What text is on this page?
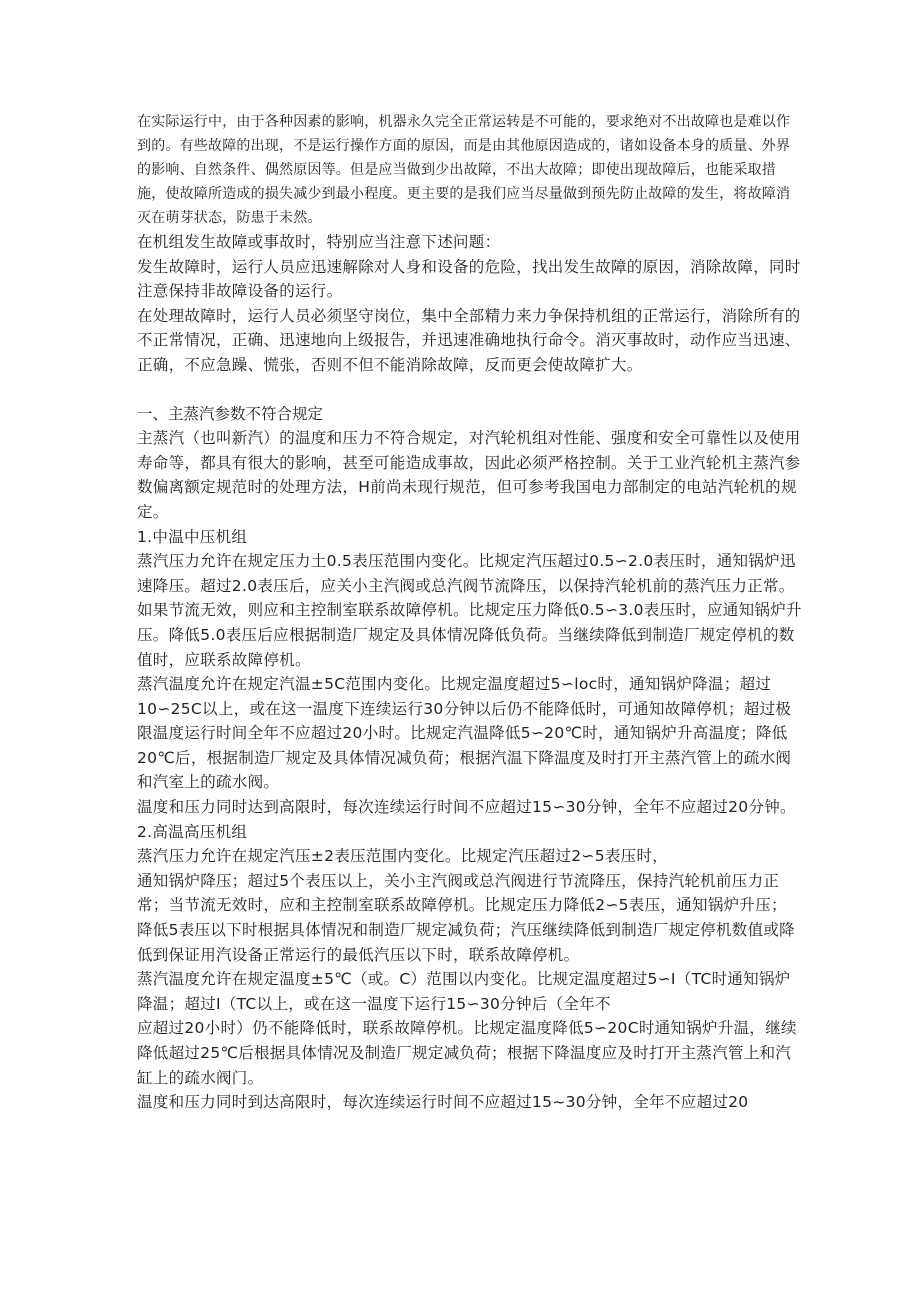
在实际运行中，由于各种因素的影响，机器永久完全正常运转是不可能的，要求绝对不出故障也是难以作到的。有些故障的出现，不是运行操作方面的原因，而是由其他原因造成的，诸如设备本身的质量、外界的影响、自然条件、偶然原因等。但是应当做到少出故障，不出大故障；即使出现故障后，也能采取措施，使故障所造成的损失减少到最小程度。更主要的是我们应当尽量做到预先防止故障的发生，将故障消灭在萌芽状态，防患于未然。

在机组发生故障或事故时，特别应当注意下述问题：

发生故障时，运行人员应迅速解除对人身和设备的危险，找出发生故障的原因，消除故障，同时注意保持非故障设备的运行。

在处理故障时，运行人员必须坚守岗位，集中全部精力来力争保持机组的正常运行，消除所有的不正常情况，正确、迅速地向上级报告，并迅速准确地执行命令。消灭事故时，动作应当迅速、正确，不应急躁、慌张，否则不但不能消除故障，反而更会使故障扩大。

一、主蒸汽参数不符合规定

主蒸汽（也叫新汽）的温度和压力不符合规定，对汽轮机组对性能、强度和安全可靠性以及使用寿命等，都具有很大的影响，甚至可能造成事故，因此必须严格控制。关于工业汽轮机主蒸汽参数偏离额定规范时的处理方法，H前尚未现行规范，但可参考我国电力部制定的电站汽轮机的规定。

1.中温中压机组

蒸汽压力允许在规定压力土0.5表压范围内变化。比规定汽压超过0.5∽2.0表压时，通知锅炉迅速降压。超过2.0表压后，应关小主汽阀或总汽阀节流降压，以保持汽轮机前的蒸汽压力正常。如果节流无效，则应和主控制室联系故障停机。比规定压力降低0.5∽3.0表压时，应通知锅炉升压。降低5.0表压后应根据制造厂规定及具体情况降低负荷。当继续降低到制造厂规定停机的数值时，应联系故障停机。

蒸汽温度允许在规定汽温±5C范围内变化。比规定温度超过5∽loc时，通知锅炉降温；超过10∽25C以上，或在这一温度下连续运行30分钟以后仍不能降低时，可通知故障停机；超过极限温度运行时间全年不应超过20小时。比规定汽温降低5∽20℃时，通知锅炉升高温度；降低20℃后，根据制造厂规定及具体情况减负荷；根据汽温下降温度及时打开主蒸汽管上的疏水阀和汽室上的疏水阀。

温度和压力同时达到高限时，每次连续运行时间不应超过15∽30分钟，全年不应超过20分钟。

2.高温高压机组

蒸汽压力允许在规定汽压±2表压范围内变化。比规定汽压超过2∽5表压时，

通知锅炉降压；超过5个表压以上，关小主汽阀或总汽阀进行节流降压，保持汽轮机前压力正常；当节流无效时，应和主控制室联系故障停机。比规定压力降低2∽5表压，通知锅炉升压；降低5表压以下时根据具体情况和制造厂规定减负荷；汽压继续降低到制造厂规定停机数值或降低到保证用汽设备正常运行的最低汽压以下时，联系故障停机。

蒸汽温度允许在规定温度±5℃（或。C）范围以内变化。比规定温度超过5∽I（TC时通知锅炉降温；超过I（TC以上，或在这一温度下运行15∽30分钟后（全年不

应超过20小时）仍不能降低时，联系故障停机。比规定温度降低5∽20C时通知锅炉升温，继续降低超过25℃后根据具体情况及制造厂规定减负荷；根据下降温度应及时打开主蒸汽管上和汽缸上的疏水阀门。

温度和压力同时到达高限时，每次连续运行时间不应超过15~30分钟，全年不应超过20
